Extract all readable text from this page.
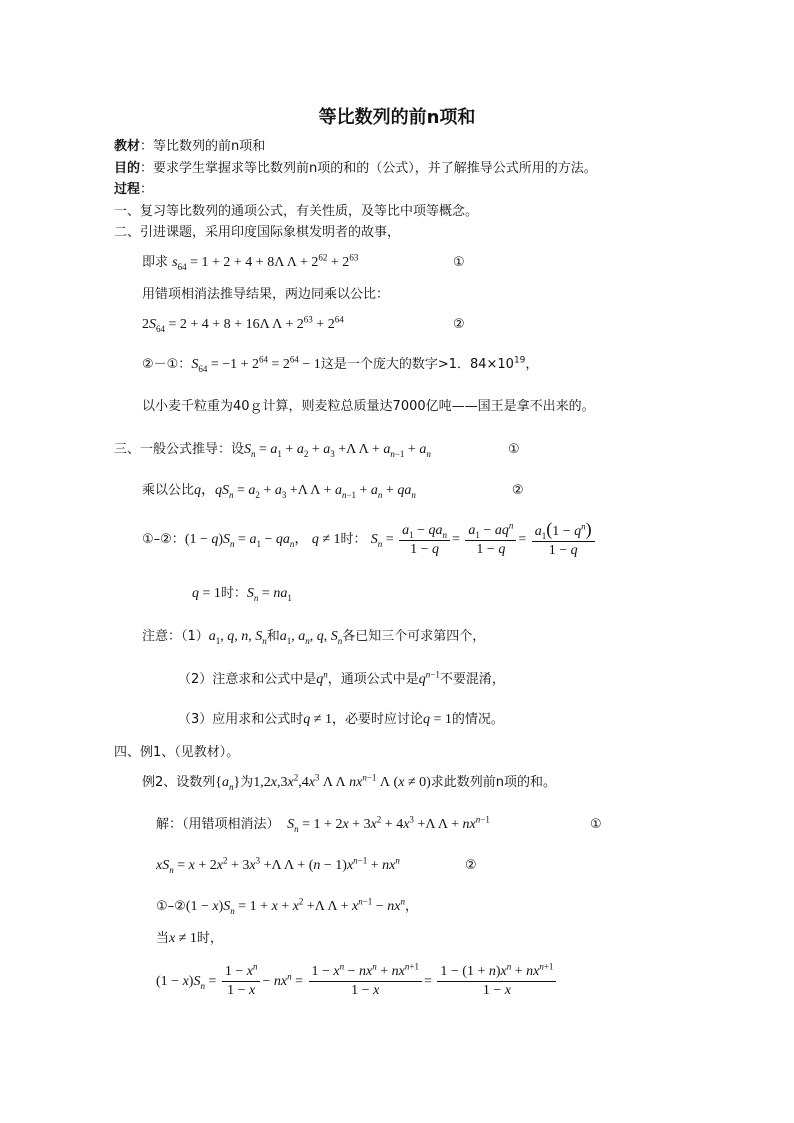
等比数列的前n项和
教材：等比数列的前n项和
目的：要求学生掌握求等比数列前n项的和的（公式），并了解推导公式所用的方法。
过程：
一、复习等比数列的通项公式，有关性质，及等比中项等概念。
二、引进课题，采用印度国际象棋发明者的故事，
即求 $s_{64} = 1 + 2 + 4 + 8\Lambda$ $\Lambda + 2^{62} + 2^{63}$	①
用错项相消法推导结果，两边同乘以公比：
$2S_{64} = 2 + 4 + 8 + 16\Lambda$ $\Lambda + 2^{63} + 2^{64}$	②
②－①：$S_{64} = -1 + 2^{64} = 2^{64} - 1$这是一个庞大的数字>1．$84\times 10^{19}$，
以小麦千粒重为40ｇ计算，则麦粒总质量达7000亿吨——国王是拿不出来的。
三、一般公式推导：设$S_n = a_1 + a_2 + a_3 +\Lambda$ $\Lambda + a_{n-1} + a_n$	①
乘以公比q，$qS_n = a_2 + a_3 +\Lambda$ $\Lambda + a_{n-1} + a_n + qa_n$	②
①–②：$(1 - q)S_n = a_1 - qa_n$， q ≠ 1时： $S_n = \frac{a_1 - qa_n}{1 - q} = \frac{a_1 - aq^n}{1 - q} = \frac{a_1(1 - q^n)}{1 - q}$
q = 1时：$S_n = na_1$
注意：$(1)a_1$, q, n, $S_n$和$a_1$, $a_n$, q, $S_n$各已知三个可求第四个，
（2）注意求和公式中是$q^n$，通项公式中是$q^{n-1}$不要混淆，
（3）应用求和公式时q ≠ 1，必要时应讨论q = 1的情况。
四、例1、（见教材）。
例2、设数列$\{a_n\}$为$1,2x,3x^2,4x^3$ Λ Λ $nx^{n-1}$ Λ (x ≠ 0)求此数列前n项的和。
解：（用错项相消法）  $S_n = 1 + 2x + 3x^2 + 4x^3 +\Lambda$ $\Lambda + nx^{n-1}$	①
$xS_n = x + 2x^2 + 3x^3 +\Lambda$ $\Lambda + (n - 1)x^{n-1} + nx^n$	②
①–②(1 − $x)S_n = 1 + x + x^2 +\Lambda$ $\Lambda + x^{n-1} - nx^n$，
当x ≠ 1时，
$(1 - x)S_n = \frac{1 - x^n}{1 - x} - nx^n = \frac{1 - x^n - nx^n + nx^{n+1}}{1 - x} = \frac{1 - (1 + n)x^n + nx^{n+1}}{1 - x}$
